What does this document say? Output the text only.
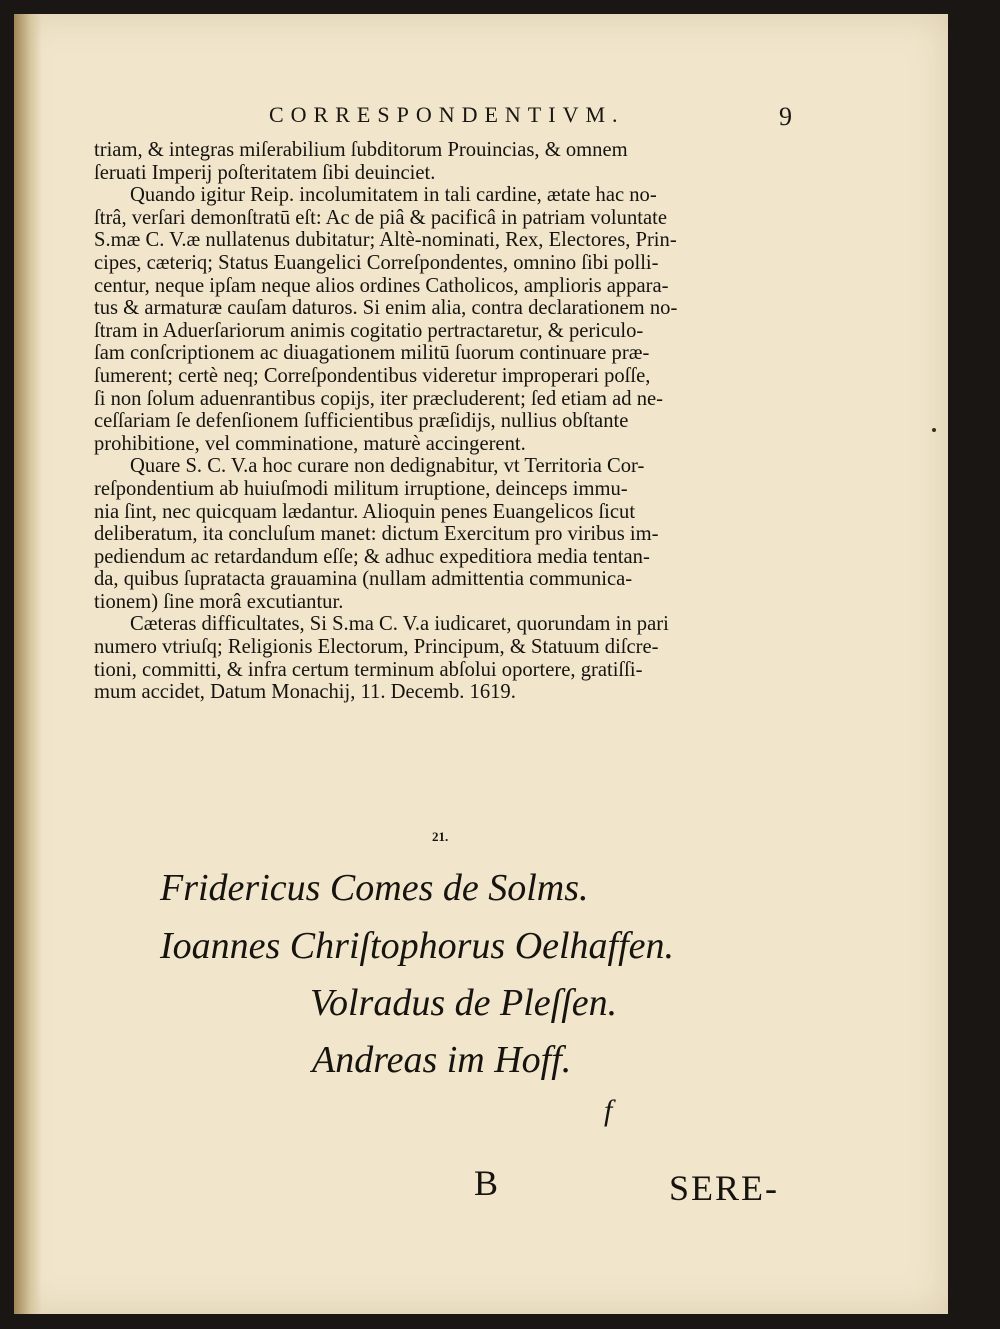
CORRESPONDENTIVM.	9
triam, & integras miſerabilium ſubditorum Prouincias, & omnem
ſeruati Imperij poſteritatem ſibi deuinciet.
Quando igitur Reip. incolumitatem in tali cardine, ætate hac no-
ſtrâ, verſari demonſtratū eſt: Ac de piâ & pacificâ in patriam voluntate
S.mæ C. V.æ nullatenus dubitatur; Altè-nominati, Rex, Electores, Prin-
cipes, cæteriq; Status Euangelici Correſpondentes, omnino ſibi polli-
centur, neque ipſam neque alios ordines Catholicos, amplioris appara-
tus & armaturæ cauſam daturos. Si enim alia, contra declarationem no-
ſtram in Aduerſariorum animis cogitatio pertractaretur, & periculo-
ſam conſcriptionem ac diuagationem militū ſuorum continuare præ-
ſumerent; certè neq; Correſpondentibus videretur improperari poſſe,
ſi non ſolum aduenrantibus copijs, iter præcluderent; ſed etiam ad ne-
ceſſariam ſe defenſionem ſufficientibus præſidijs, nullius obſtante
prohibitione, vel comminatione, maturè accingerent.
Quare S. C. V.a hoc curare non dedignabitur, vt Territoria Cor-
reſpondentium ab huiuſmodi militum irruptione, deinceps immu-
nia ſint, nec quicquam lædantur. Alioquin penes Euangelicos ſicut
deliberatum, ita concluſum manet: dictum Exercitum pro viribus im-
pediendum ac retardandum eſſe; & adhuc expeditiora media tentan-
da, quibus ſupratacta grauamina (nullam admittentia communica-
tionem) ſine morâ excutiantur.
Cæteras difficultates, Si S.ma C. V.a iudicaret, quorundam in pari
numero vtriuſq; Religionis Electorum, Principum, & Statuum diſcre-
tioni, committi, & infra certum terminum abſolui oportere, gratiſſi-
mum accidet, Datum Monachij, 11. Decemb. 1619.
21.
Fridericus Comes de Solms.
Ioannes Chriſtophorus Oelhaffen.
Volradus de Pleſſen.
Andreas im Hoff.
f
B	SERE-
